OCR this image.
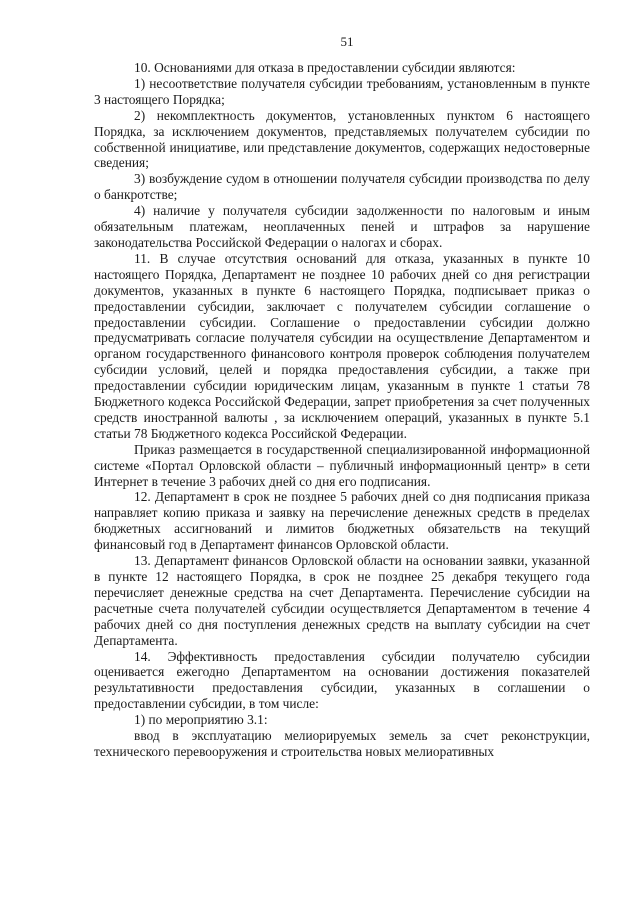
51

10. Основаниями для отказа в предоставлении субсидии являются:

1) несоответствие получателя субсидии требованиям, установленным в пункте 3 настоящего Порядка;

2) некомплектность документов, установленных пунктом 6 настоящего Порядка, за исключением документов, представляемых получателем субсидии по собственной инициативе, или представление документов, содержащих недостоверные сведения;

3) возбуждение судом в отношении получателя субсидии производства по делу о банкротстве;

4) наличие у получателя субсидии задолженности по налоговым и иным обязательным платежам, неоплаченных пеней и штрафов за нарушение законодательства Российской Федерации о налогах и сборах.

11. В случае отсутствия оснований для отказа, указанных в пункте 10 настоящего Порядка, Департамент не позднее 10 рабочих дней со дня регистрации документов, указанных в пункте 6 настоящего Порядка, подписывает приказ о предоставлении субсидии, заключает с получателем субсидии соглашение о предоставлении субсидии. Соглашение о предоставлении субсидии должно предусматривать согласие получателя субсидии на осуществление Департаментом и органом государственного финансового контроля проверок соблюдения получателем субсидии условий, целей и порядка предоставления субсидии, а также при предоставлении субсидии юридическим лицам, указанным в пункте 1 статьи 78 Бюджетного кодекса Российской Федерации, запрет приобретения за счет полученных средств иностранной валюты , за исключением операций, указанных в пункте 5.1 статьи 78 Бюджетного кодекса Российской Федерации.

Приказ размещается в государственной специализированной информационной системе «Портал Орловской области – публичный информационный центр» в сети Интернет в течение 3 рабочих дней со дня его подписания.

12. Департамент в срок не позднее 5 рабочих дней со дня подписания приказа направляет копию приказа и заявку на перечисление денежных средств в пределах бюджетных ассигнований и лимитов бюджетных обязательств на текущий финансовый год в Департамент финансов Орловской области.

13. Департамент финансов Орловской области на основании заявки, указанной в пункте 12 настоящего Порядка, в срок не позднее 25 декабря текущего года перечисляет денежные средства на счет Департамента. Перечисление субсидии на расчетные счета получателей субсидии осуществляется Департаментом в течение 4 рабочих дней со дня поступления денежных средств на выплату субсидии на счет Департамента.

14. Эффективность предоставления субсидии получателю субсидии оценивается ежегодно Департаментом на основании достижения показателей результативности предоставления субсидии, указанных в соглашении о предоставлении субсидии, в том числе:

1) по мероприятию 3.1:

ввод в эксплуатацию мелиорируемых земель за счет реконструкции, технического перевооружения и строительства новых мелиоративных
